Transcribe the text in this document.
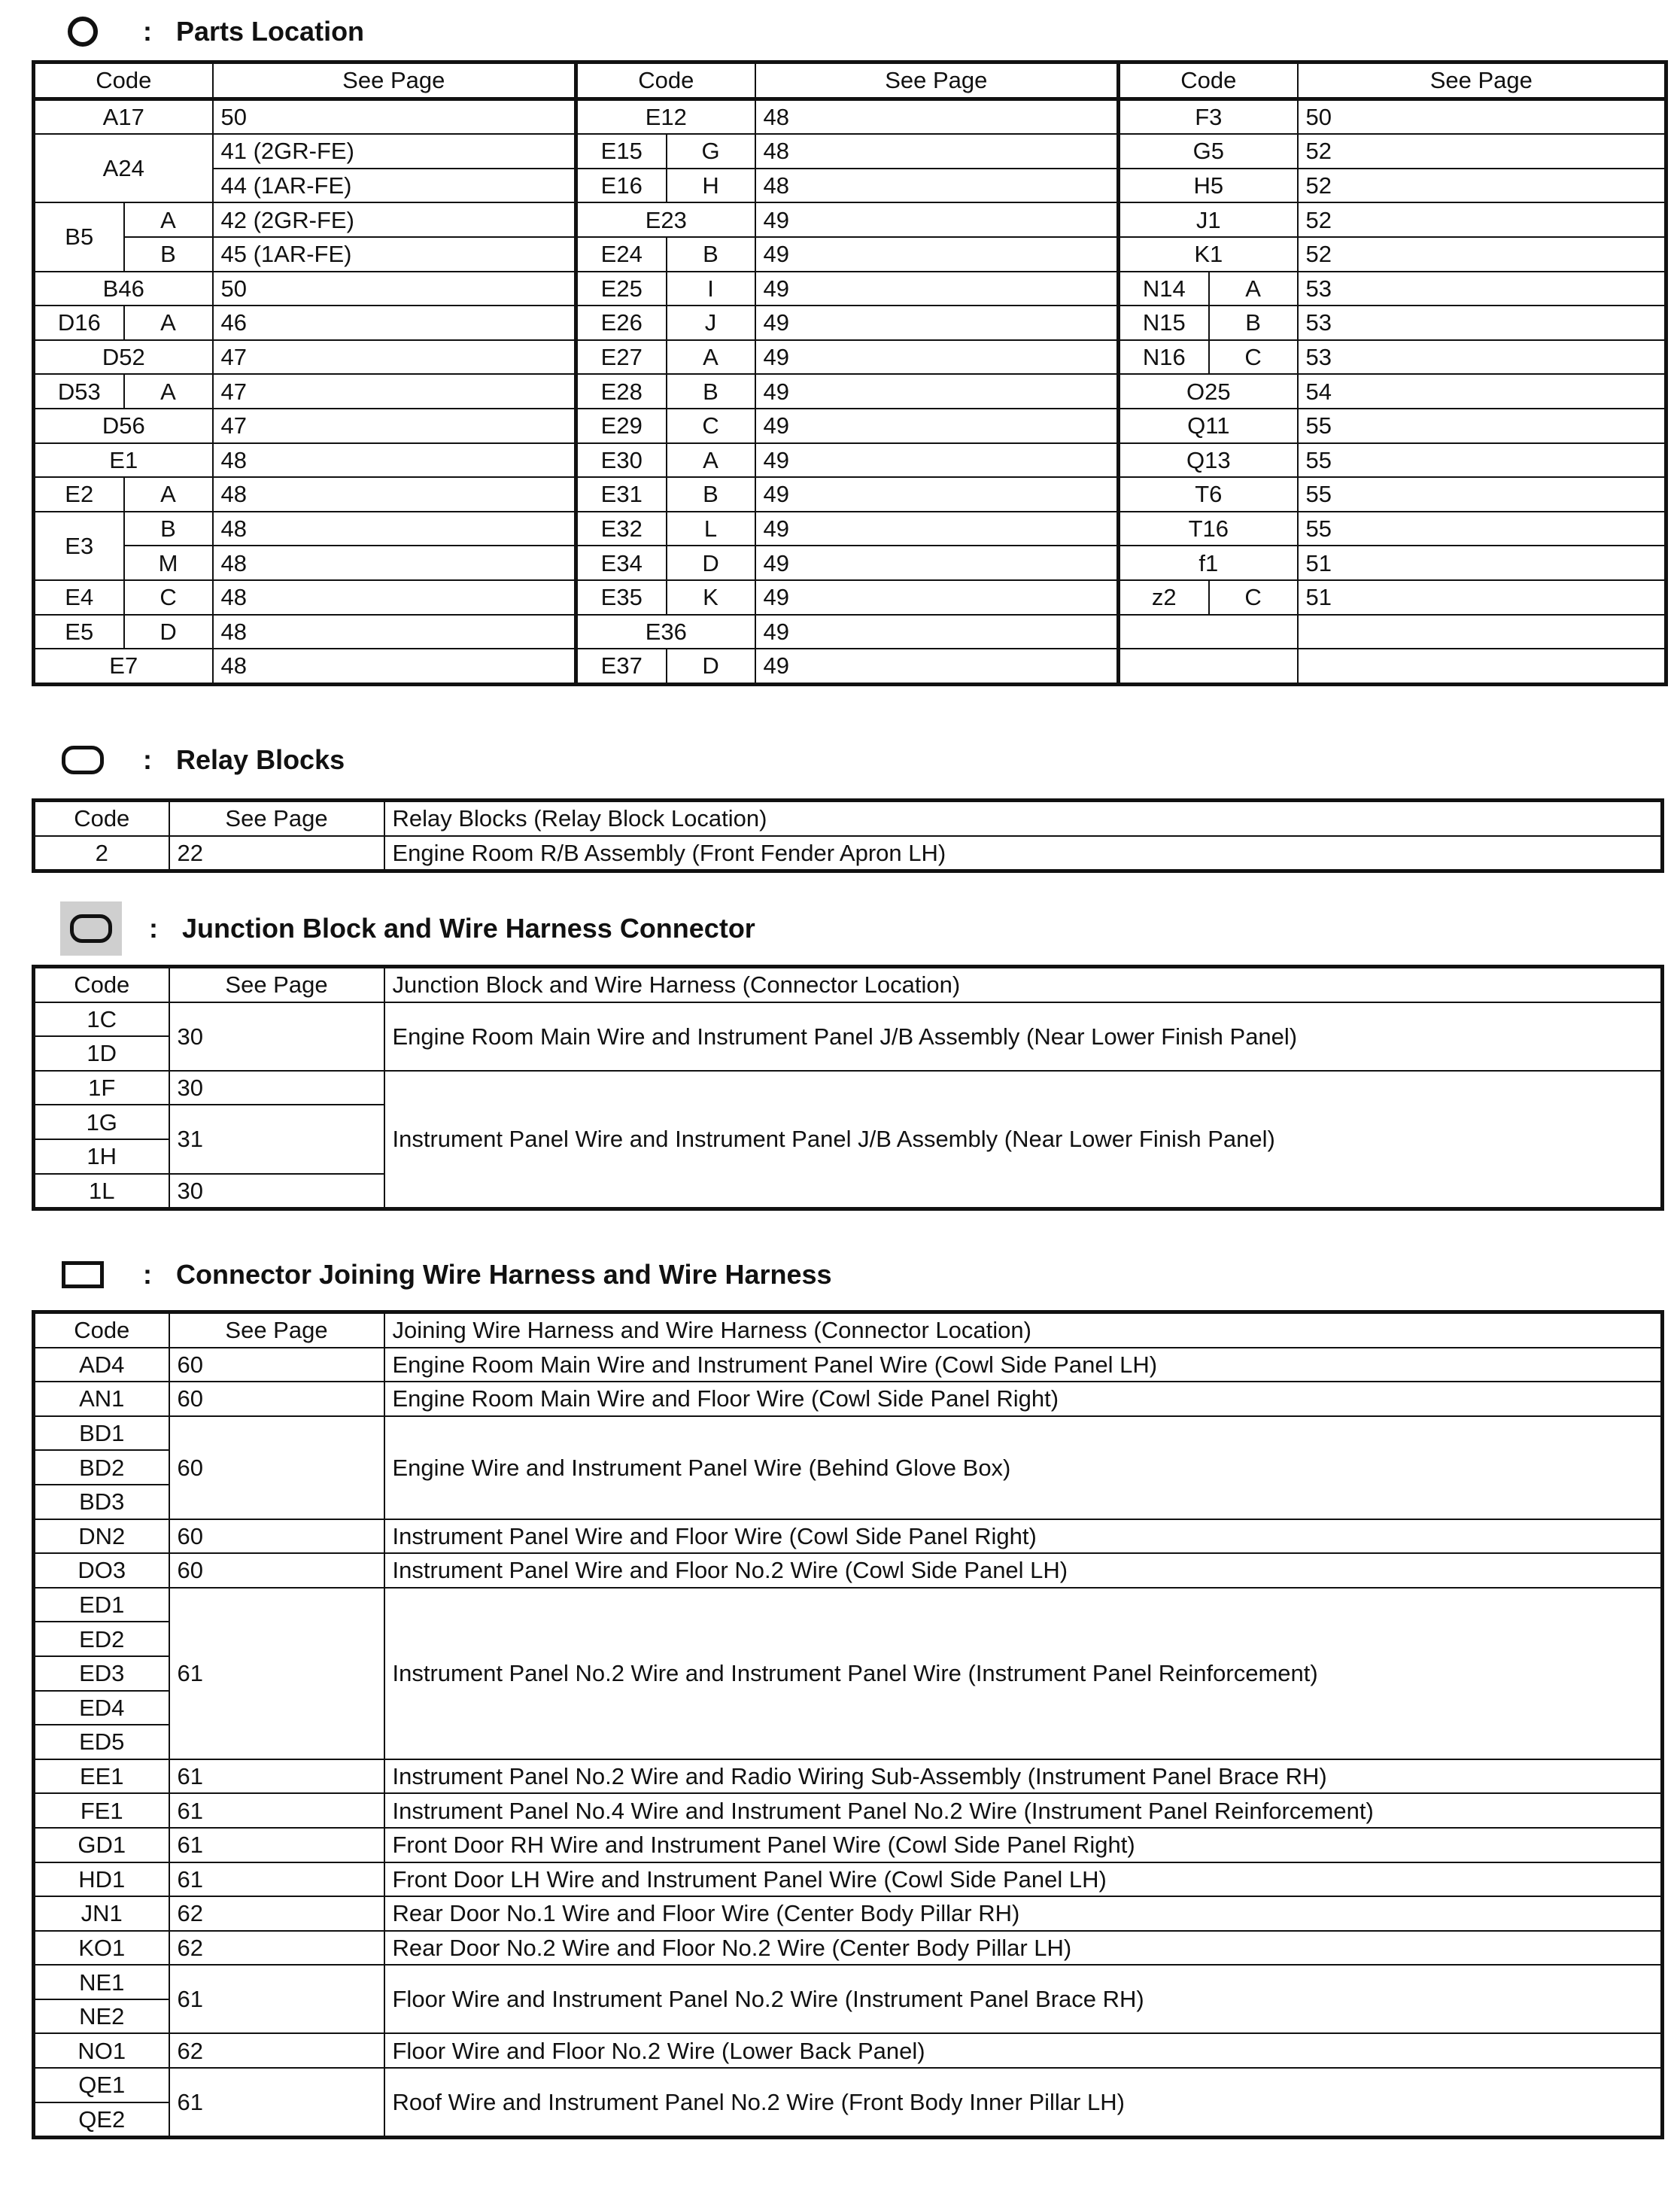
: Parts Location
Code		See Page	Code		See Page	Code		See Page
A17		50	E12		48	F3		50
A24		41 (2GR-FE)	E15	G	48	G5		52
		44 (1AR-FE)	E16	H	48	H5		52
B5	A	42 (2GR-FE)	E23		49	J1		52
	B	45 (1AR-FE)	E24	B	49	K1		52
B46		50	E25	I	49	N14	A	53
D16	A	46	E26	J	49	N15	B	53
D52		47	E27	A	49	N16	C	53
D53	A	47	E28	B	49	O25		54
D56		47	E29	C	49	Q11		55
E1		48	E30	A	49	Q13		55
E2	A	48	E31	B	49	T6		55
E3	B	48	E32	L	49	T16		55
	M	48	E34	D	49	f1		51
E4	C	48	E35	K	49	z2	C	51
E5	D	48	E36		49			
E7		48	E37	D	49			
: Relay Blocks
Code	See Page	Relay Blocks (Relay Block Location)
2	22	Engine Room R/B Assembly (Front Fender Apron LH)
: Junction Block and Wire Harness Connector
Code	See Page	Junction Block and Wire Harness (Connector Location)
1C	30	Engine Room Main Wire and Instrument Panel J/B Assembly (Near Lower Finish Panel)
1D		
1F	30	Instrument Panel Wire and Instrument Panel J/B Assembly (Near Lower Finish Panel)
1G	31	
1H		
1L	30	
: Connector Joining Wire Harness and Wire Harness
Code	See Page	Joining Wire Harness and Wire Harness (Connector Location)
AD4	60	Engine Room Main Wire and Instrument Panel Wire (Cowl Side Panel LH)
AN1	60	Engine Room Main Wire and Floor Wire (Cowl Side Panel Right)
BD1	60	Engine Wire and Instrument Panel Wire (Behind Glove Box)
BD2		
BD3		
DN2	60	Instrument Panel Wire and Floor Wire (Cowl Side Panel Right)
DO3	60	Instrument Panel Wire and Floor No.2 Wire (Cowl Side Panel LH)
ED1	61	Instrument Panel No.2 Wire and Instrument Panel Wire (Instrument Panel Reinforcement)
ED2		
ED3		
ED4		
ED5		
EE1	61	Instrument Panel No.2 Wire and Radio Wiring Sub-Assembly (Instrument Panel Brace RH)
FE1	61	Instrument Panel No.4 Wire and Instrument Panel No.2 Wire (Instrument Panel Reinforcement)
GD1	61	Front Door RH Wire and Instrument Panel Wire (Cowl Side Panel Right)
HD1	61	Front Door LH Wire and Instrument Panel Wire (Cowl Side Panel LH)
JN1	62	Rear Door No.1 Wire and Floor Wire (Center Body Pillar RH)
KO1	62	Rear Door No.2 Wire and Floor No.2 Wire (Center Body Pillar LH)
NE1	61	Floor Wire and Instrument Panel No.2 Wire (Instrument Panel Brace RH)
NE2		
NO1	62	Floor Wire and Floor No.2 Wire (Lower Back Panel)
QE1	61	Roof Wire and Instrument Panel No.2 Wire (Front Body Inner Pillar LH)
QE2		
